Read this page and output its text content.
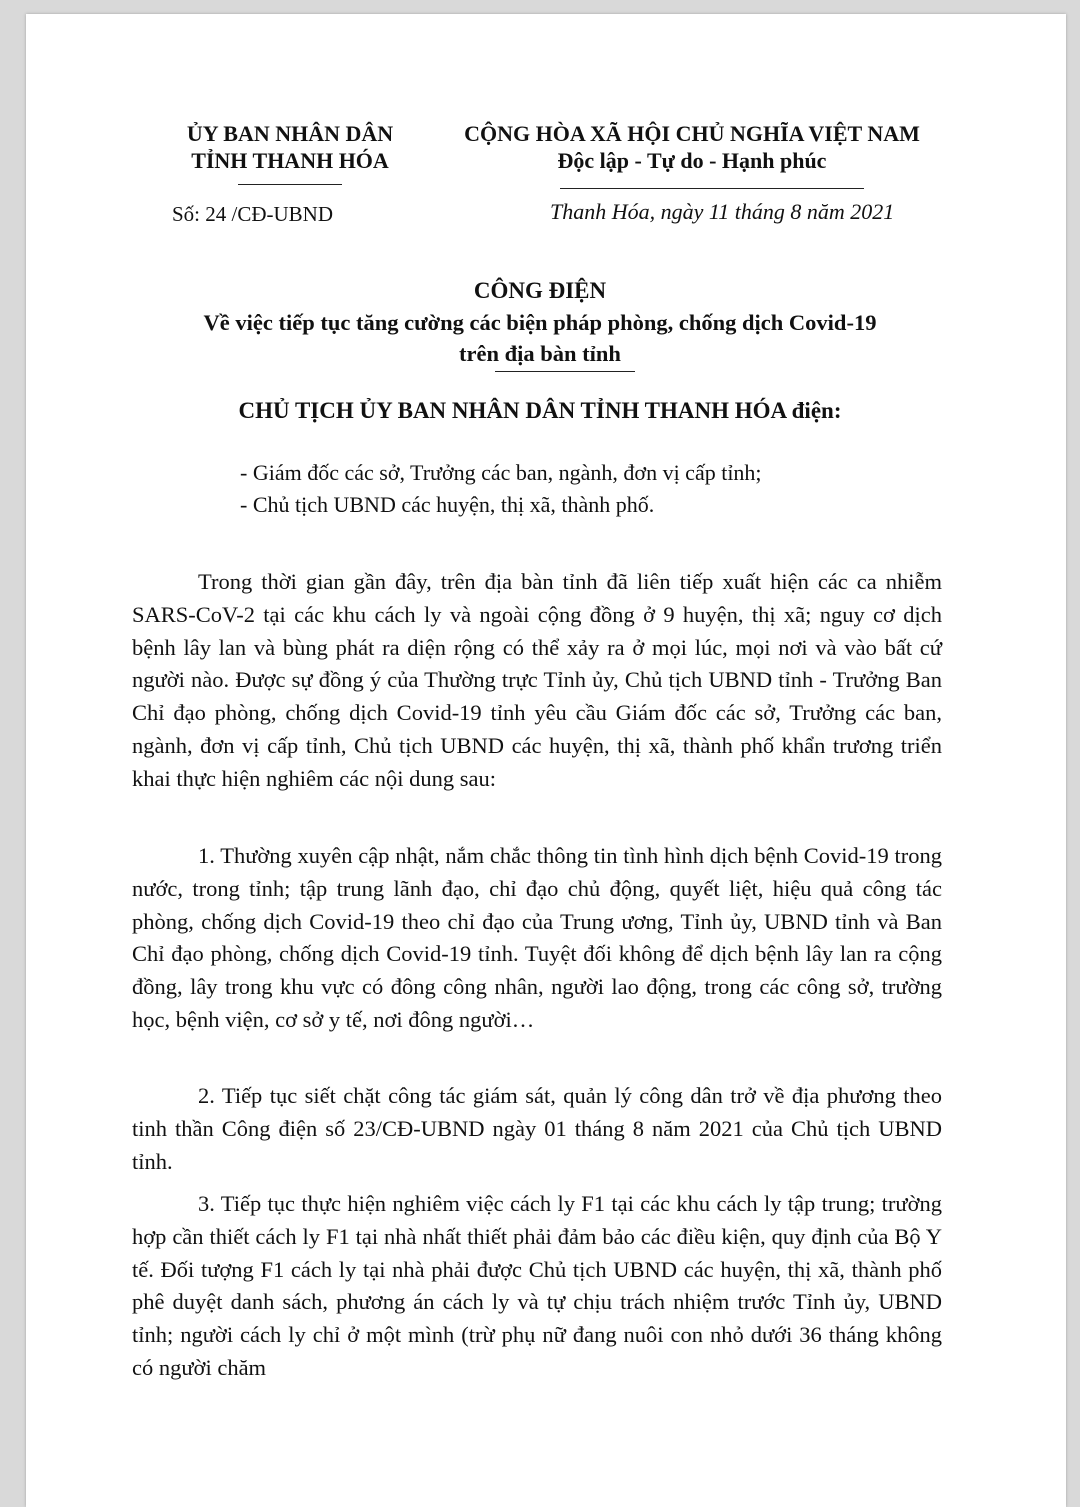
ỦY BAN NHÂN DÂN
TỈNH THANH HÓA
CỘNG HÒA XÃ HỘI CHỦ NGHĨA VIỆT NAM
Độc lập - Tự do - Hạnh phúc
Số: 24 /CĐ-UBND	Thanh Hóa, ngày 11 tháng 8 năm 2021
CÔNG ĐIỆN
Về việc tiếp tục tăng cường các biện pháp phòng, chống dịch Covid-19
trên địa bàn tỉnh
CHỦ TỊCH ỦY BAN NHÂN DÂN TỈNH THANH HÓA điện:
- Giám đốc các sở, Trưởng các ban, ngành, đơn vị cấp tỉnh;
- Chủ tịch UBND các huyện, thị xã, thành phố.
Trong thời gian gần đây, trên địa bàn tỉnh đã liên tiếp xuất hiện các ca nhiễm SARS-CoV-2 tại các khu cách ly và ngoài cộng đồng ở 9 huyện, thị xã; nguy cơ dịch bệnh lây lan và bùng phát ra diện rộng có thể xảy ra ở mọi lúc, mọi nơi và vào bất cứ người nào. Được sự đồng ý của Thường trực Tỉnh ủy, Chủ tịch UBND tỉnh - Trưởng Ban Chỉ đạo phòng, chống dịch Covid-19 tỉnh yêu cầu Giám đốc các sở, Trưởng các ban, ngành, đơn vị cấp tỉnh, Chủ tịch UBND các huyện, thị xã, thành phố khẩn trương triển khai thực hiện nghiêm các nội dung sau:
1. Thường xuyên cập nhật, nắm chắc thông tin tình hình dịch bệnh Covid-19 trong nước, trong tỉnh; tập trung lãnh đạo, chỉ đạo chủ động, quyết liệt, hiệu quả công tác phòng, chống dịch Covid-19 theo chỉ đạo của Trung ương, Tỉnh ủy, UBND tỉnh và Ban Chỉ đạo phòng, chống dịch Covid-19 tỉnh. Tuyệt đối không để dịch bệnh lây lan ra cộng đồng, lây trong khu vực có đông công nhân, người lao động, trong các công sở, trường học, bệnh viện, cơ sở y tế, nơi đông người…
2. Tiếp tục siết chặt công tác giám sát, quản lý công dân trở về địa phương theo tinh thần Công điện số 23/CĐ-UBND ngày 01 tháng 8 năm 2021 của Chủ tịch UBND tỉnh.
3. Tiếp tục thực hiện nghiêm việc cách ly F1 tại các khu cách ly tập trung; trường hợp cần thiết cách ly F1 tại nhà nhất thiết phải đảm bảo các điều kiện, quy định của Bộ Y tế. Đối tượng F1 cách ly tại nhà phải được Chủ tịch UBND các huyện, thị xã, thành phố phê duyệt danh sách, phương án cách ly và tự chịu trách nhiệm trước Tỉnh ủy, UBND tỉnh; người cách ly chỉ ở một mình (trừ phụ nữ đang nuôi con nhỏ dưới 36 tháng không có người chăm
